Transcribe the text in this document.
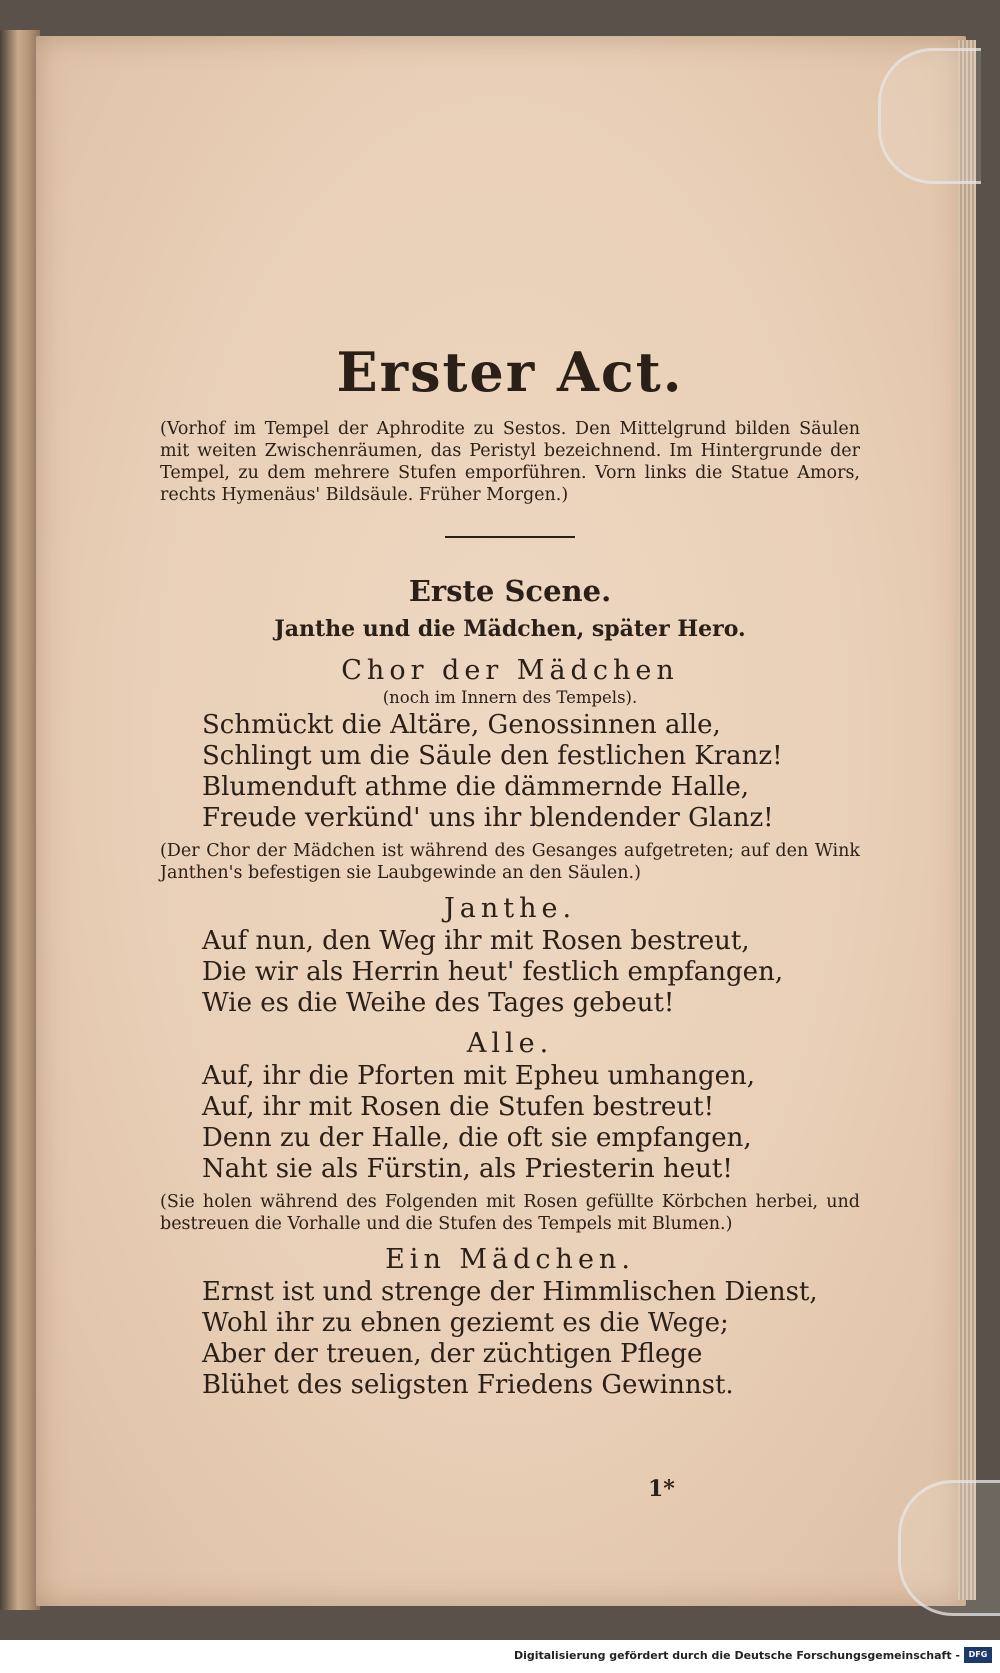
Erster Act.

(Vorhof im Tempel der Aphrodite zu Sestos. Den Mittelgrund bilden Säulen mit weiten Zwischenräumen, das Peristyl bezeichnend. Im Hintergrunde der Tempel, zu dem mehrere Stufen emporführen. Vorn links die Statue Amors, rechts Hymenäus' Bildsäule. Früher Morgen.)

Erste Scene.

Janthe und die Mädchen, später Hero.

Chor der Mädchen

(noch im Innern des Tempels).

Schmückt die Altäre, Genossinnen alle,
Schlingt um die Säule den festlichen Kranz!
Blumenduft athme die dämmernde Halle,
Freude verkünd' uns ihr blendender Glanz!

(Der Chor der Mädchen ist während des Gesanges aufgetreten; auf den Wink Janthen's befestigen sie Laubgewinde an den Säulen.)

Janthe.

Auf nun, den Weg ihr mit Rosen bestreut,
Die wir als Herrin heut' festlich empfangen,
Wie es die Weihe des Tages gebeut!

Alle.

Auf, ihr die Pforten mit Epheu umhangen,
Auf, ihr mit Rosen die Stufen bestreut!
Denn zu der Halle, die oft sie empfangen,
Naht sie als Fürstin, als Priesterin heut!

(Sie holen während des Folgenden mit Rosen gefüllte Körbchen herbei, und bestreuen die Vorhalle und die Stufen des Tempels mit Blumen.)

Ein Mädchen.

Ernst ist und strenge der Himmlischen Dienst,
Wohl ihr zu ebnen geziemt es die Wege;
Aber der treuen, der züchtigen Pflege
Blühet des seligsten Friedens Gewinnst.
1*
Digitalisierung gefördert durch die Deutsche Forschungsgemeinschaft -	DFG
